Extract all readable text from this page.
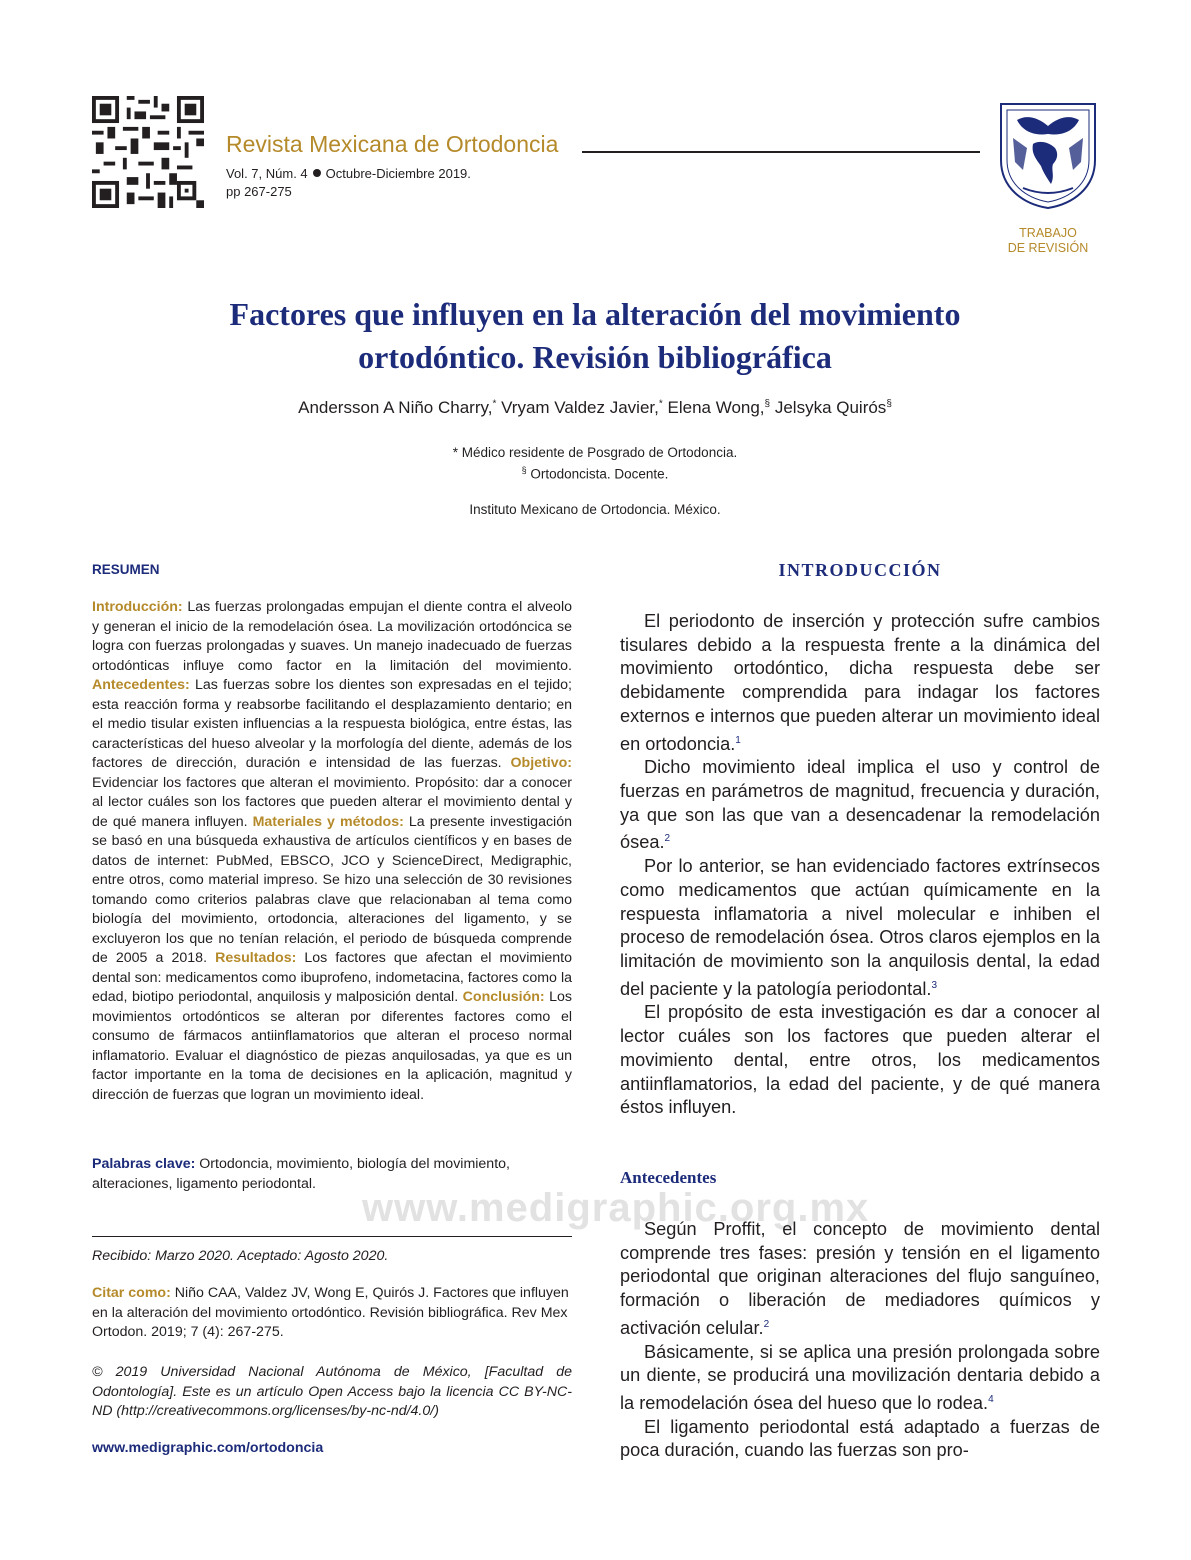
Revista Mexicana de Ortodoncia
Vol. 7, Núm. 4 Octubre-Diciembre 2019.
pp 267-275
TRABAJO
DE REVISIÓN
Factores que influyen en la alteración del movimiento
ortodóntico. Revisión bibliográfica
Andersson A Niño Charry,* Vryam Valdez Javier,* Elena Wong,§ Jelsyka Quirós§
* Médico residente de Posgrado de Ortodoncia.
§ Ortodoncista. Docente.
Instituto Mexicano de Ortodoncia. México.
RESUMEN
Introducción: Las fuerzas prolongadas empujan el diente contra el alveolo y generan el inicio de la remodelación ósea. La movilización ortodóncica se logra con fuerzas prolongadas y suaves. Un manejo inadecuado de fuerzas ortodónticas influye como factor en la limitación del movimiento. Antecedentes: Las fuerzas sobre los dientes son expresadas en el tejido; esta reacción forma y reabsorbe facilitando el desplazamiento dentario; en el medio tisular existen influencias a la respuesta biológica, entre éstas, las características del hueso alveolar y la morfología del diente, además de los factores de dirección, duración e intensidad de las fuerzas. Objetivo: Evidenciar los factores que alteran el movimiento. Propósito: dar a conocer al lector cuáles son los factores que pueden alterar el movimiento dental y de qué manera influyen. Materiales y métodos: La presente investigación se basó en una búsqueda exhaustiva de artículos científicos y en bases de datos de internet: PubMed, EBSCO, JCO y ScienceDirect, Medigraphic, entre otros, como material impreso. Se hizo una selección de 30 revisiones tomando como criterios palabras clave que relacionaban al tema como biología del movimiento, ortodoncia, alteraciones del ligamento, y se excluyeron los que no tenían relación, el periodo de búsqueda comprende de 2005 a 2018. Resultados: Los factores que afectan el movimiento dental son: medicamentos como ibuprofeno, indometacina, factores como la edad, biotipo periodontal, anquilosis y malposición dental. Conclusión: Los movimientos ortodónticos se alteran por diferentes factores como el consumo de fármacos antiinflamatorios que alteran el proceso normal inflamatorio. Evaluar el diagnóstico de piezas anquilosadas, ya que es un factor importante en la toma de decisiones en la aplicación, magnitud y dirección de fuerzas que logran un movimiento ideal.
Palabras clave: Ortodoncia, movimiento, biología del movimiento, alteraciones, ligamento periodontal.
www.medigraphic.org.mx
Recibido: Marzo 2020. Aceptado: Agosto 2020.
Citar como: Niño CAA, Valdez JV, Wong E, Quirós J. Factores que influyen en la alteración del movimiento ortodóntico. Revisión bibliográfica. Rev Mex Ortodon. 2019; 7 (4): 267-275.
© 2019 Universidad Nacional Autónoma de México, [Facultad de Odontología]. Este es un artículo Open Access bajo la licencia CC BY-NC-ND (http://creativecommons.org/licenses/by-nc-nd/4.0/)
www.medigraphic.com/ortodoncia
INTRODUCCIÓN

El periodonto de inserción y protección sufre cambios tisulares debido a la respuesta frente a la dinámica del movimiento ortodóntico, dicha respuesta debe ser debidamente comprendida para indagar los factores externos e internos que pueden alterar un movimiento ideal en ortodoncia.$^1$

Dicho movimiento ideal implica el uso y control de fuerzas en parámetros de magnitud, frecuencia y duración, ya que son las que van a desencadenar la remodelación ósea.$^2$

Por lo anterior, se han evidenciado factores extrínsecos como medicamentos que actúan químicamente en la respuesta inflamatoria a nivel molecular e inhiben el proceso de remodelación ósea. Otros claros ejemplos en la limitación de movimiento son la anquilosis dental, la edad del paciente y la patología periodontal.$^3$

El propósito de esta investigación es dar a conocer al lector cuáles son los factores que pueden alterar el movimiento dental, entre otros, los medicamentos antiinflamatorios, la edad del paciente, y de qué manera éstos influyen.

Antecedentes

Según Proffit, el concepto de movimiento dental comprende tres fases: presión y tensión en el ligamento periodontal que originan alteraciones del flujo sanguíneo, formación o liberación de mediadores químicos y activación celular.$^2$

Básicamente, si se aplica una presión prolongada sobre un diente, se producirá una movilización dentaria debido a la remodelación ósea del hueso que lo rodea.$^4$

El ligamento periodontal está adaptado a fuerzas de poca duración, cuando las fuerzas son pro-
